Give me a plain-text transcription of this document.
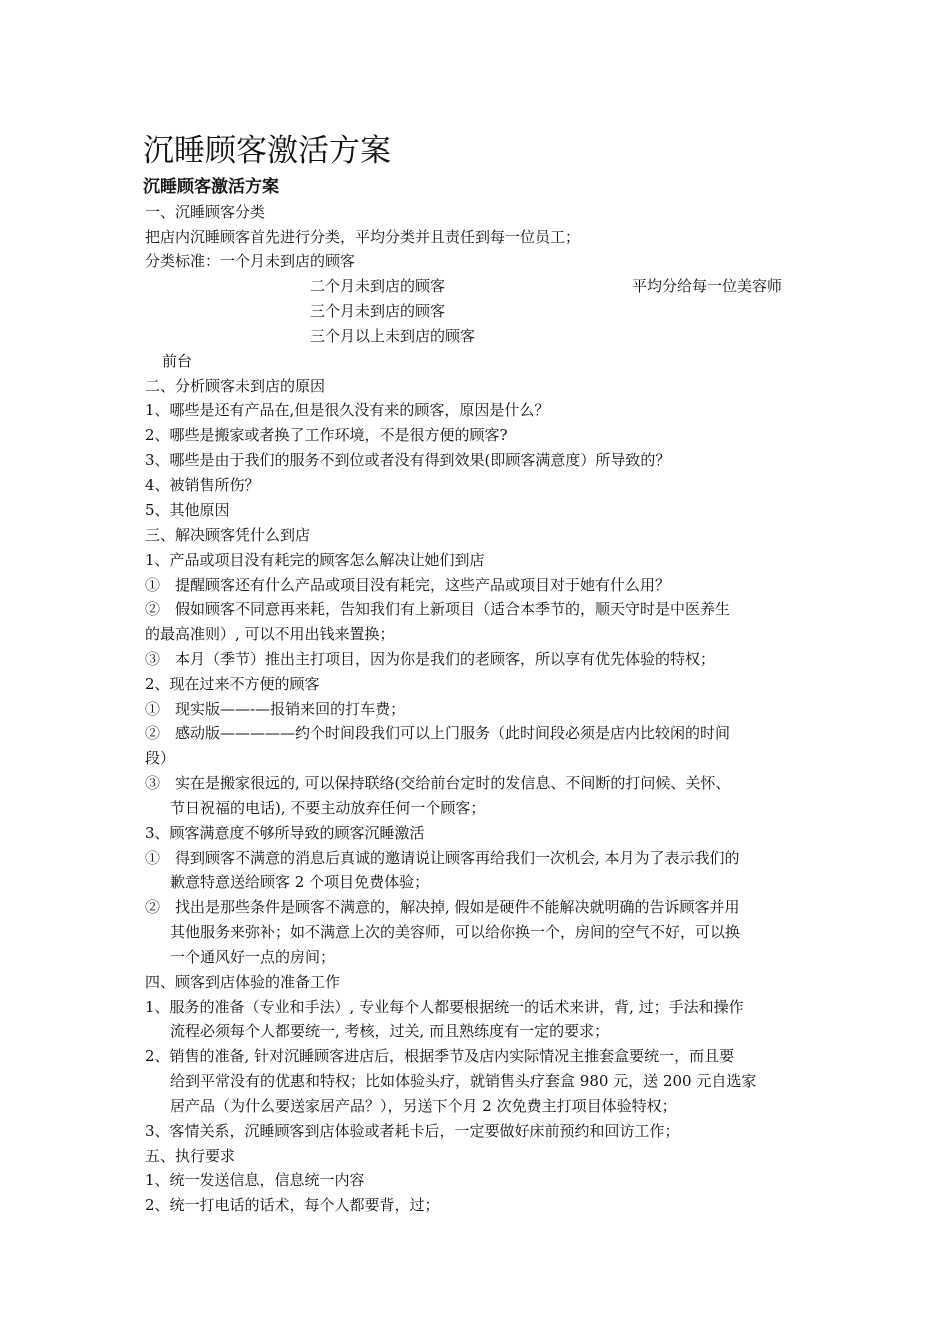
沉睡顾客激活方案
沉睡顾客激活方案
一、沉睡顾客分类
把店内沉睡顾客首先进行分类，平均分类并且责任到每一位员工；
分类标准：一个月未到店的顾客
二个月未到店的顾客	平均分给每一位美容师
三个月未到店的顾客
三个月以上未到店的顾客
前台
二、分析顾客未到店的原因
1、哪些是还有产品在,但是很久没有来的顾客，原因是什么？
2、哪些是搬家或者换了工作环境，不是很方便的顾客?
3、哪些是由于我们的服务不到位或者没有得到效果(即顾客满意度）所导致的？
4、被销售所伤？
5、其他原因
三、解决顾客凭什么到店
1、产品或项目没有耗完的顾客怎么解决让她们到店
①　提醒顾客还有什么产品或项目没有耗完，这些产品或项目对于她有什么用？
②　假如顾客不同意再来耗，告知我们有上新项目（适合本季节的，顺天守时是中医养生
的最高准则）, 可以不用出钱来置换；
③　本月（季节）推出主打项目，因为你是我们的老顾客，所以享有优先体验的特权；
2、现在过来不方便的顾客
①　现实版——-—报销来回的打车费；
②　感动版—————约个时间段我们可以上门服务（此时间段必须是店内比较闲的时间
段）
③　实在是搬家很远的, 可以保持联络(交给前台定时的发信息、不间断的打问候、关怀、
节日祝福的电话), 不要主动放弃任何一个顾客；
3、顾客满意度不够所导致的顾客沉睡激活
①　得到顾客不满意的消息后真诚的邀请说让顾客再给我们一次机会, 本月为了表示我们的
歉意特意送给顾客 2 个项目免费体验；
②　找出是那些条件是顾客不满意的，解决掉, 假如是硬件不能解决就明确的告诉顾客并用
其他服务来弥补；如不满意上次的美容师，可以给你换一个，房间的空气不好，可以换
一个通风好一点的房间；
四、顾客到店体验的准备工作
1、服务的准备（专业和手法）, 专业每个人都要根据统一的话术来讲，背, 过；手法和操作
流程必须每个人都要统一, 考核，过关, 而且熟练度有一定的要求；
2、销售的准备, 针对沉睡顾客进店后，根据季节及店内实际情况主推套盒要统一，而且要
给到平常没有的优惠和特权；比如体验头疗，就销售头疗套盒 980 元，送 200 元自选家
居产品（为什么要送家居产品？），另送下个月 2 次免费主打项目体验特权；
3、客情关系，沉睡顾客到店体验或者耗卡后，一定要做好床前预约和回访工作；
五、执行要求
1、统一发送信息，信息统一内容
2、统一打电话的话术，每个人都要背，过；
